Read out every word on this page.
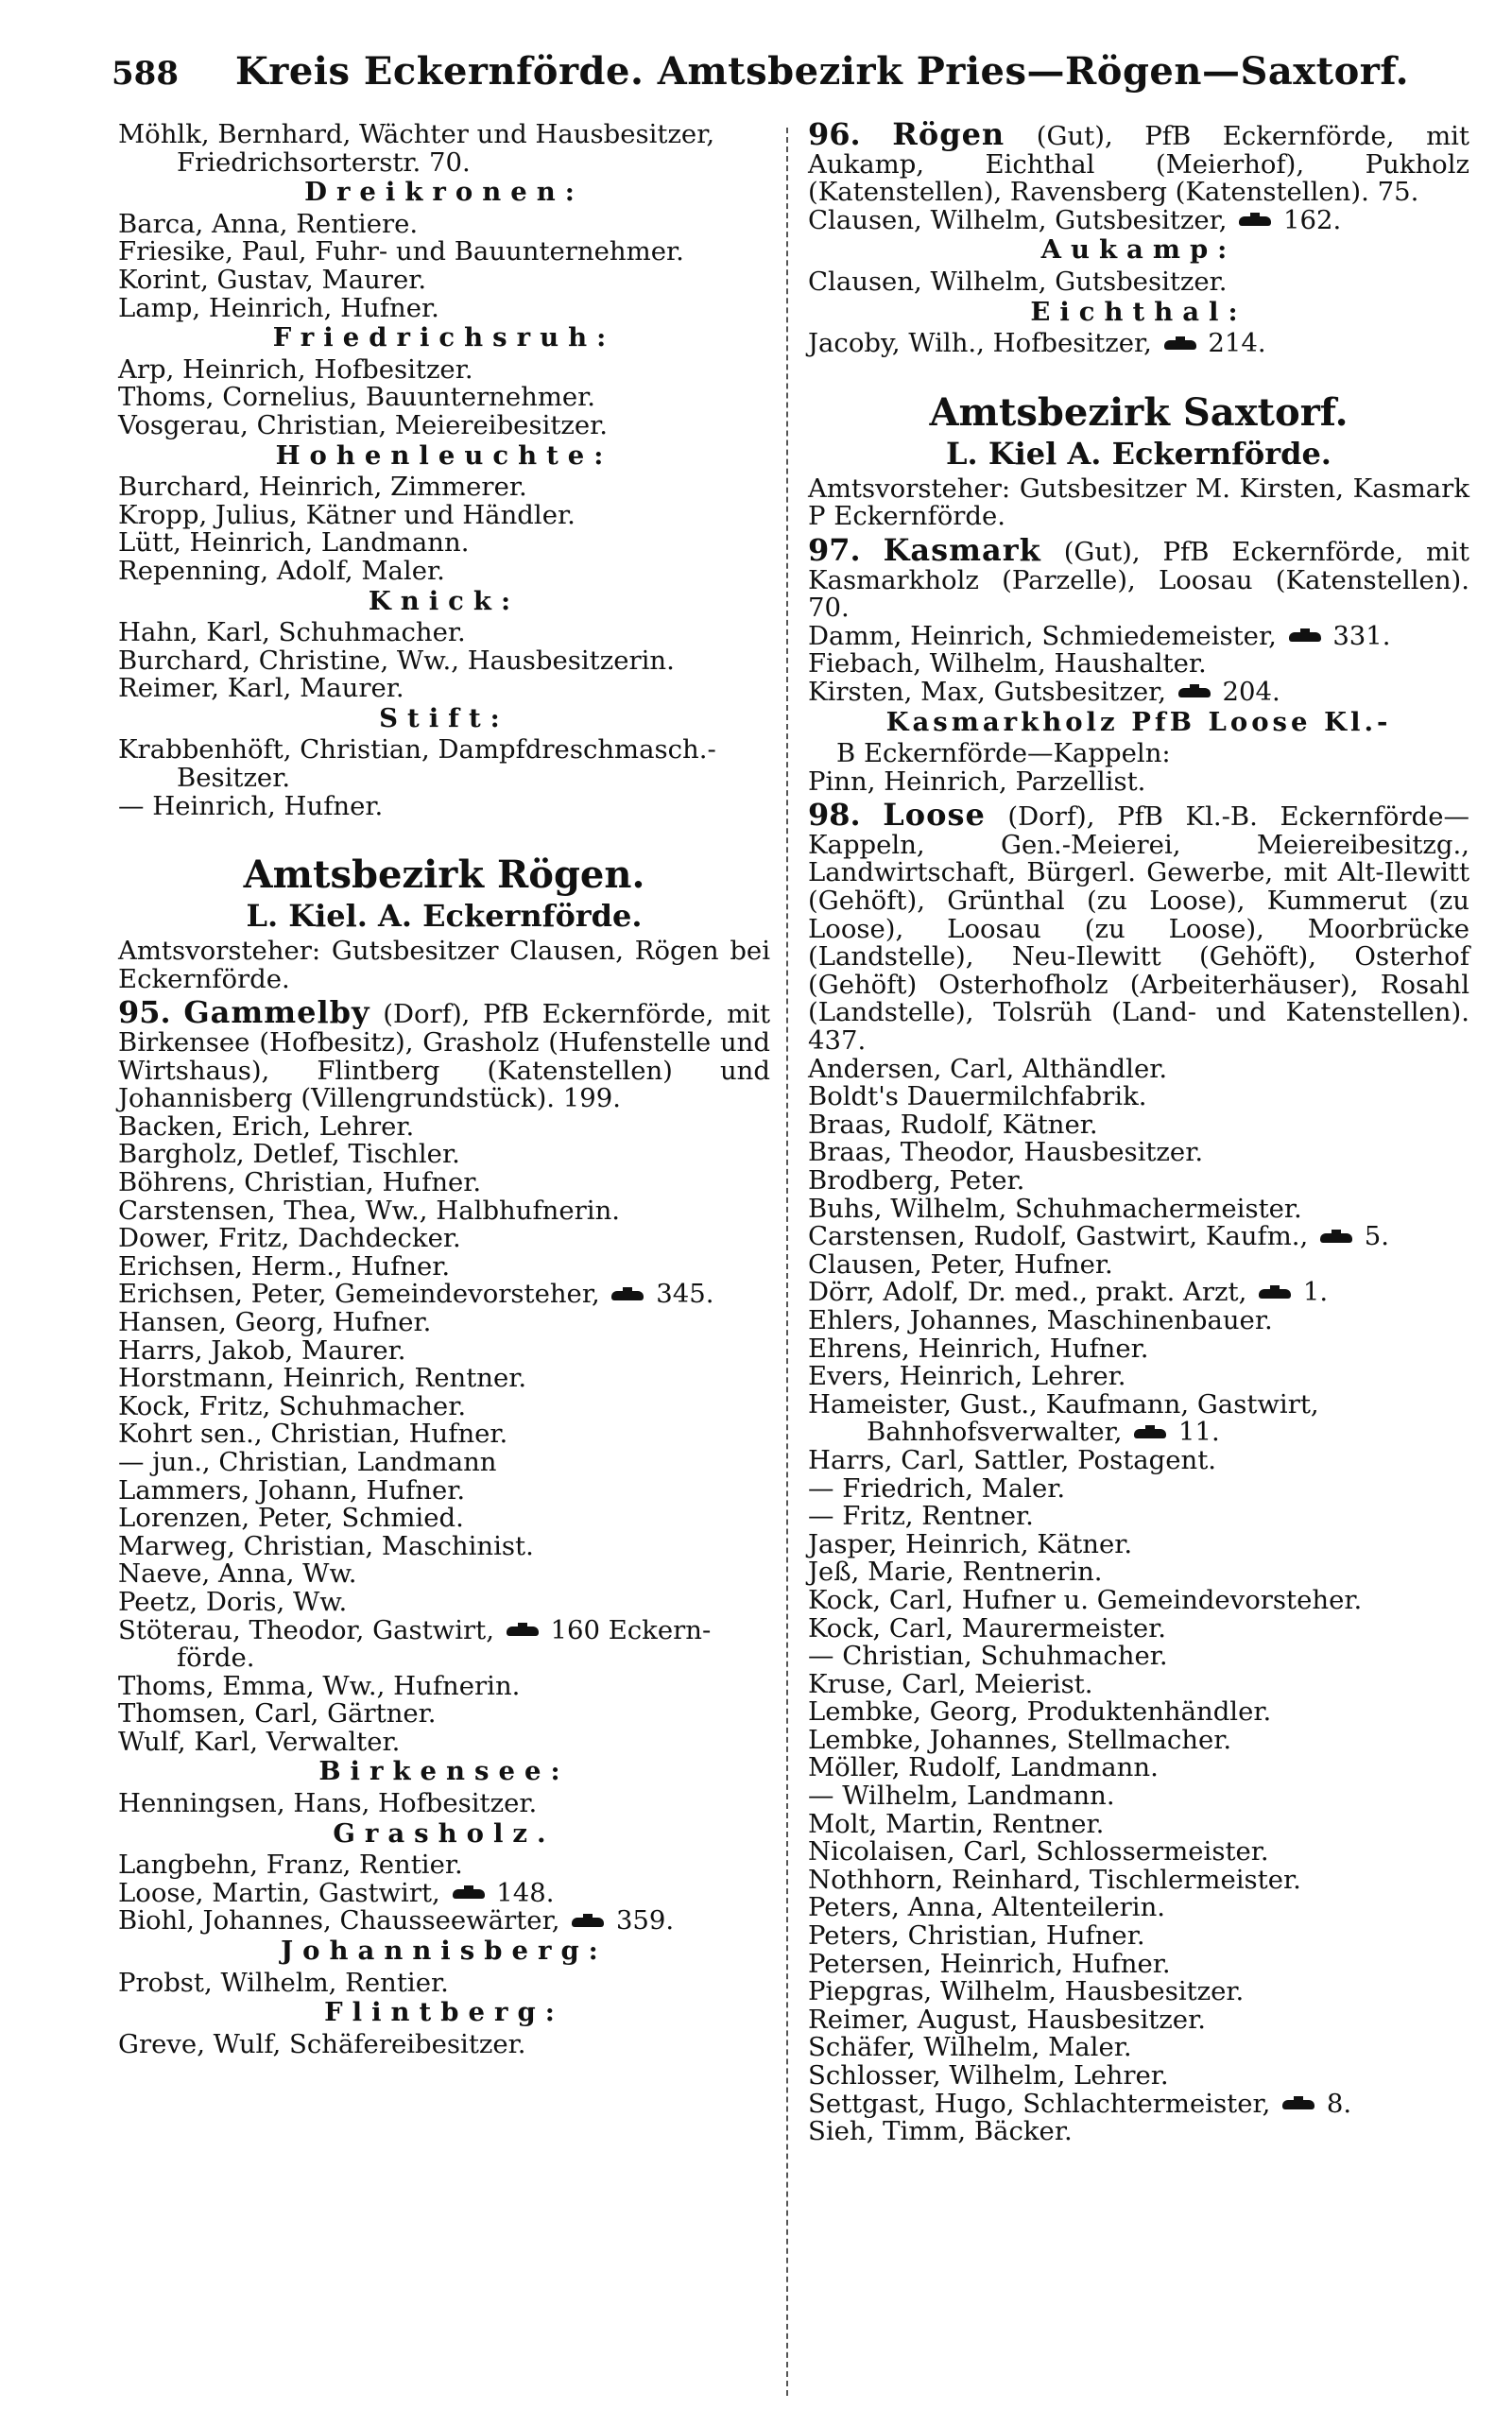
588 Kreis Eckernförde. Amtsbezirk Pries—Rögen—Saxtorf.
Möhlk, Bernhard, Wächter und Hausbesitzer,
Friedrichsorterstr. 70.
Dreikronen:
Barca, Anna, Rentiere.
Friesike, Paul, Fuhr- und Bauunternehmer.
Korint, Gustav, Maurer.
Lamp, Heinrich, Hufner.
Friedrichsruh:
Arp, Heinrich, Hofbesitzer.
Thoms, Cornelius, Bauunternehmer.
Vosgerau, Christian, Meiereibesitzer.
Hohenleuchte:
Burchard, Heinrich, Zimmerer.
Kropp, Julius, Kätner und Händler.
Lütt, Heinrich, Landmann.
Repenning, Adolf, Maler.
Knick:
Hahn, Karl, Schuhmacher.
Burchard, Christine, Ww., Hausbesitzerin.
Reimer, Karl, Maurer.
Stift:
Krabbenhöft, Christian, Dampfdreschmasch.-
Besitzer.
— Heinrich, Hufner.
Amtsbezirk Rögen.
L. Kiel. A. Eckernförde.
Amtsvorsteher: Gutsbesitzer Clausen, Rögen bei Eckernförde.
95. Gammelby (Dorf), PfB Eckernförde, mit Birkensee (Hofbesitz), Grasholz (Hufenstelle und Wirtshaus), Flintberg (Katenstellen) und Johannisberg (Villengrundstück). 199.
Backen, Erich, Lehrer.
Bargholz, Detlef, Tischler.
Böhrens, Christian, Hufner.
Carstensen, Thea, Ww., Halbhufnerin.
Dower, Fritz, Dachdecker.
Erichsen, Herm., Hufner.
Erichsen, Peter, Gemeindevorsteher, 345.
Hansen, Georg, Hufner.
Harrs, Jakob, Maurer.
Horstmann, Heinrich, Rentner.
Kock, Fritz, Schuhmacher.
Kohrt sen., Christian, Hufner.
— jun., Christian, Landmann
Lammers, Johann, Hufner.
Lorenzen, Peter, Schmied.
Marweg, Christian, Maschinist.
Naeve, Anna, Ww.
Peetz, Doris, Ww.
Stöterau, Theodor, Gastwirt, 160 Eckern-
förde.
Thoms, Emma, Ww., Hufnerin.
Thomsen, Carl, Gärtner.
Wulf, Karl, Verwalter.
Birkensee:
Henningsen, Hans, Hofbesitzer.
Grasholz.
Langbehn, Franz, Rentier.
Loose, Martin, Gastwirt, 148.
Biohl, Johannes, Chausseewärter, 359.
Johannisberg:
Probst, Wilhelm, Rentier.
Flintberg:
Greve, Wulf, Schäfereibesitzer.
96. Rögen (Gut), PfB Eckernförde, mit Aukamp, Eichthal (Meierhof), Pukholz (Katenstellen), Ravensberg (Katenstellen). 75.
Clausen, Wilhelm, Gutsbesitzer, 162.
Aukamp:
Clausen, Wilhelm, Gutsbesitzer.
Eichthal:
Jacoby, Wilh., Hofbesitzer, 214.
Amtsbezirk Saxtorf.
L. Kiel A. Eckernförde.
Amtsvorsteher: Gutsbesitzer M. Kirsten, Kasmark P Eckernförde.
97. Kasmark (Gut), PfB Eckernförde, mit Kasmarkholz (Parzelle), Loosau (Katenstellen). 70.
Damm, Heinrich, Schmiedemeister, 331.
Fiebach, Wilhelm, Haushalter.
Kirsten, Max, Gutsbesitzer, 204.
Kasmarkholz PfB Loose Kl.-
B Eckernförde—Kappeln:
Pinn, Heinrich, Parzellist.
98. Loose (Dorf), PfB Kl.-B. Eckernförde—Kappeln, Gen.-Meierei, Meiereibesitzg., Landwirtschaft, Bürgerl. Gewerbe, mit Alt-Ilewitt (Gehöft), Grünthal (zu Loose), Kummerut (zu Loose), Loosau (zu Loose), Moorbrücke (Landstelle), Neu-Ilewitt (Gehöft), Osterhof (Gehöft) Osterhofholz (Arbeiterhäuser), Rosahl (Landstelle), Tolsrüh (Land- und Katenstellen). 437.
Andersen, Carl, Althändler.
Boldt's Dauermilchfabrik.
Braas, Rudolf, Kätner.
Braas, Theodor, Hausbesitzer.
Brodberg, Peter.
Buhs, Wilhelm, Schuhmachermeister.
Carstensen, Rudolf, Gastwirt, Kaufm., 5.
Clausen, Peter, Hufner.
Dörr, Adolf, Dr. med., prakt. Arzt, 1.
Ehlers, Johannes, Maschinenbauer.
Ehrens, Heinrich, Hufner.
Evers, Heinrich, Lehrer.
Hameister, Gust., Kaufmann, Gastwirt,
Bahnhofsverwalter, 11.
Harrs, Carl, Sattler, Postagent.
— Friedrich, Maler.
— Fritz, Rentner.
Jasper, Heinrich, Kätner.
Jeß, Marie, Rentnerin.
Kock, Carl, Hufner u. Gemeindevorsteher.
Kock, Carl, Maurermeister.
— Christian, Schuhmacher.
Kruse, Carl, Meierist.
Lembke, Georg, Produktenhändler.
Lembke, Johannes, Stellmacher.
Möller, Rudolf, Landmann.
— Wilhelm, Landmann.
Molt, Martin, Rentner.
Nicolaisen, Carl, Schlossermeister.
Nothhorn, Reinhard, Tischlermeister.
Peters, Anna, Altenteilerin.
Peters, Christian, Hufner.
Petersen, Heinrich, Hufner.
Piepgras, Wilhelm, Hausbesitzer.
Reimer, August, Hausbesitzer.
Schäfer, Wilhelm, Maler.
Schlosser, Wilhelm, Lehrer.
Settgast, Hugo, Schlachtermeister, 8.
Sieh, Timm, Bäcker.
